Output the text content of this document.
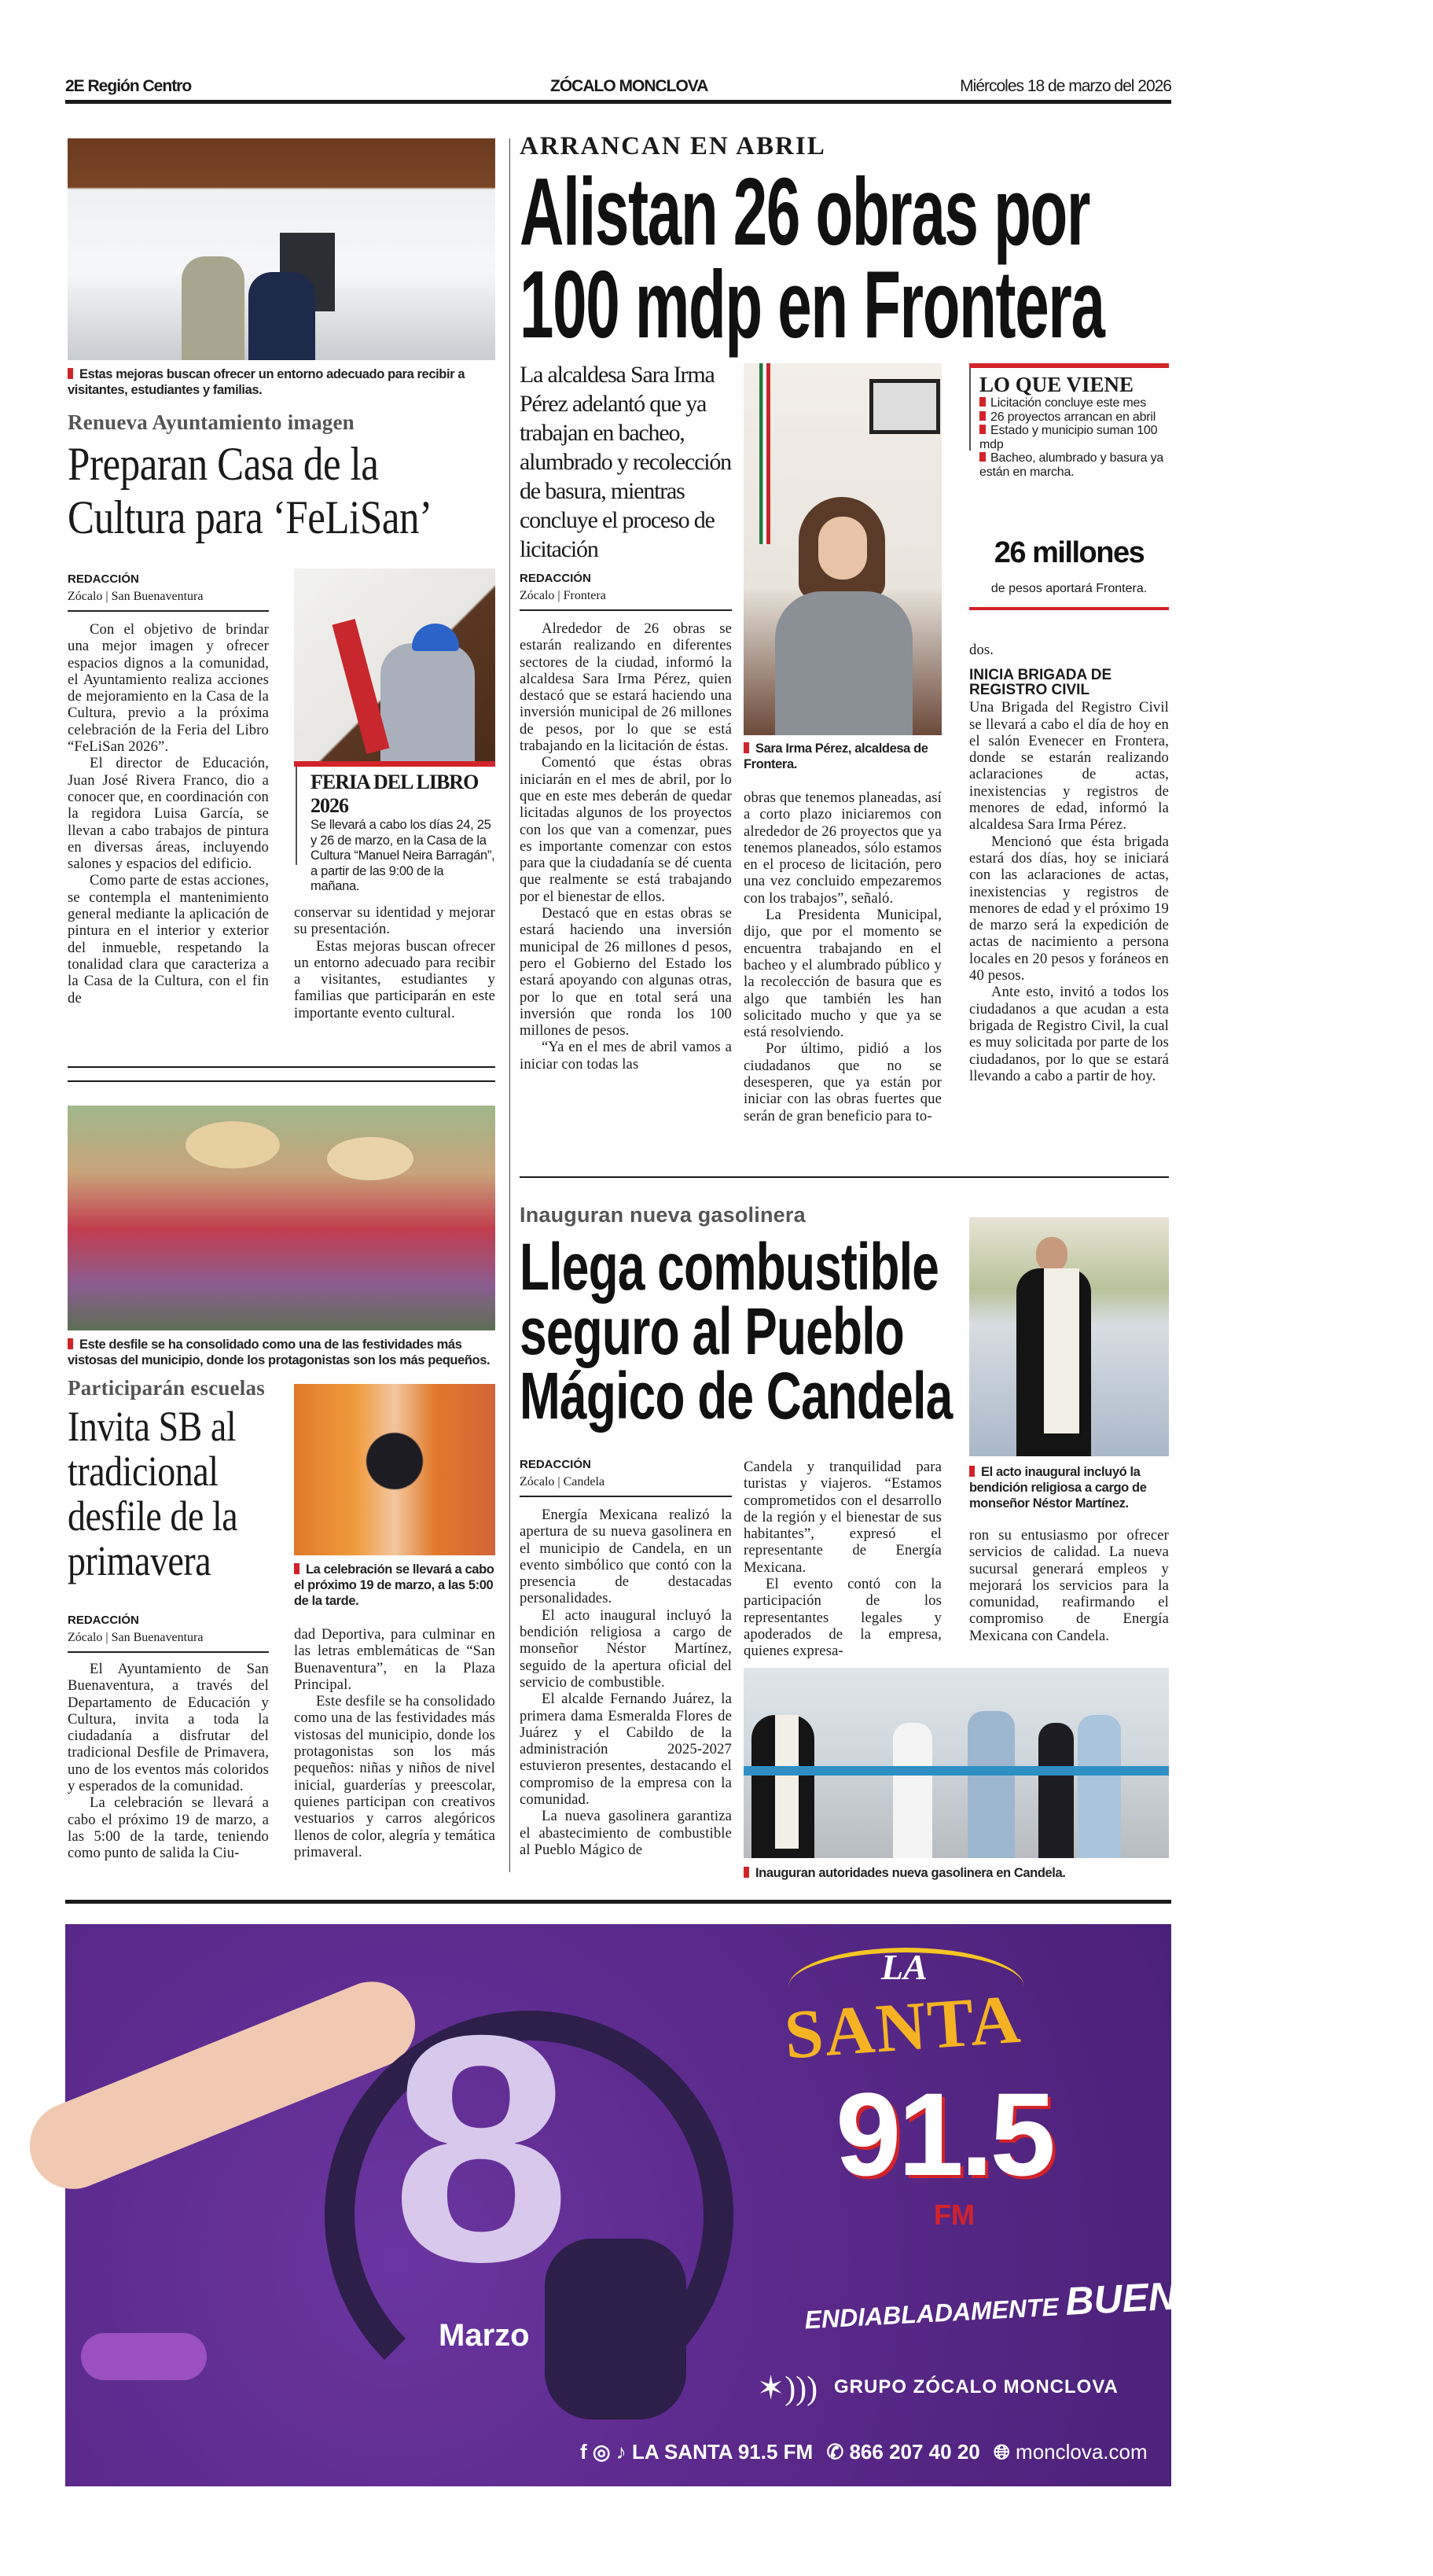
2E Región Centro	ZÓCALO MONCLOVA	Miércoles 18 de marzo del 2026
Estas mejoras buscan ofrecer un entorno adecuado para recibir a visitantes, estudiantes y familias.
Renueva Ayuntamiento imagen
Preparan Casa de la
Cultura para ‘FeLiSan’
REDACCIÓN
Zócalo | San Buenaventura

Con el objetivo de brindar una mejor imagen y ofrecer espacios dignos a la comunidad, el Ayuntamiento realiza acciones de mejoramiento en la Casa de la Cultura, previo a la próxima celebración de la Feria del Libro “FeLiSan 2026”.

El director de Educación, Juan José Rivera Franco, dio a conocer que, en coordinación con la regidora Luisa García, se llevan a cabo trabajos de pintura en diversas áreas, incluyendo salones y espacios del edificio.

Como parte de estas acciones, se contempla el mantenimiento general mediante la aplicación de pintura en el interior y exterior del inmueble, respetando la tonalidad clara que caracteriza a la Casa de la Cultura, con el fin de

FERIA DEL LIBRO 2026
Se llevará a cabo los días 24, 25 y 26 de marzo, en la Casa de la Cultura “Manuel Neira Barragán”, a partir de las 9:00 de la mañana.

conservar su identidad y mejorar su presentación.

Estas mejoras buscan ofrecer un entorno adecuado para recibir a visitantes, estudiantes y familias que participarán en este importante evento cultural.

Este desfile se ha consolidado como una de las festividades más vistosas del municipio, donde los protagonistas son los más pequeños.
Participarán escuelas
Invita SB al
tradicional
desfile de la
primavera	La celebración se llevará a cabo el próximo 19 de marzo, a las 5:00 de la tarde.
REDACCIÓN
Zócalo | San Buenaventura

El Ayuntamiento de San Buenaventura, a través del Departamento de Educación y Cultura, invita a toda la ciudadanía a disfrutar del tradicional Desfile de Primavera, uno de los eventos más coloridos y esperados de la comunidad.

La celebración se llevará a cabo el próximo 19 de marzo, a las 5:00 de la tarde, teniendo como punto de salida la Ciu-

dad Deportiva, para culminar en las letras emblemáticas de “San Buenaventura”, en la Plaza Principal.

Este desfile se ha consolidado como una de las festividades más vistosas del municipio, donde los protagonistas son los más pequeños: niñas y niños de nivel inicial, guarderías y preescolar, quienes participan con creativos vestuarios y carros alegóricos llenos de color, alegría y temática primaveral.

ARRANCAN EN ABRIL
Alistan 26 obras por
100 mdp en Frontera
La alcaldesa Sara Irma Pérez adelantó que ya trabajan en bacheo, alumbrado y recolección de basura, mientras concluye el proceso de licitación
REDACCIÓN
Zócalo | Frontera

Alrededor de 26 obras se estarán realizando en diferentes sectores de la ciudad, informó la alcaldesa Sara Irma Pérez, quien destacó que se estará haciendo una inversión municipal de 26 millones de pesos, por lo que se está trabajando en la licitación de éstas.

Comentó que éstas obras iniciarán en el mes de abril, por lo que en este mes deberán de quedar licitadas algunos de los proyectos con los que van a comenzar, pues es importante comenzar con estos para que la ciudadanía se dé cuenta que realmente se está trabajando por el bienestar de ellos.

Destacó que en estas obras se estará haciendo una inversión municipal de 26 millones d pesos, pero el Gobierno del Estado los estará apoyando con algunas otras, por lo que en total será una inversión que ronda los 100 millones de pesos.

“Ya en el mes de abril vamos a iniciar con todas las

Sara Irma Pérez, alcaldesa de Frontera.

obras que tenemos planeadas, así a corto plazo iniciaremos con alrededor de 26 proyectos que ya tenemos planeados, sólo estamos en el proceso de licitación, pero una vez concluido empezaremos con los trabajos”, señaló.

La Presidenta Municipal, dijo, que por el momento se encuentra trabajando en el bacheo y el alumbrado público y la recolección de basura que es algo que también les han solicitado mucho y que ya se está resolviendo.

Por último, pidió a los ciudadanos que no se desesperen, que ya están por iniciar con las obras fuertes que serán de gran beneficio para to-

LO QUE VIENE
Licitación concluye este mes
26 proyectos arrancan en abril
Estado y municipio suman 100 mdp
Bacheo, alumbrado y basura ya están en marcha.
26 millones
de pesos aportará Frontera.

dos.

INICIA BRIGADA DE REGISTRO CIVIL

Una Brigada del Registro Civil se llevará a cabo el día de hoy en el salón Evenecer en Frontera, donde se estarán realizando aclaraciones de actas, inexistencias y registros de menores de edad, informó la alcaldesa Sara Irma Pérez.

Mencionó que ésta brigada estará dos días, hoy se iniciará con las aclaraciones de actas, inexistencias y registros de menores de edad y el próximo 19 de marzo será la expedición de actas de nacimiento a persona locales en 20 pesos y foráneos en 40 pesos.

Ante esto, invitó a todos los ciudadanos a que acudan a esta brigada de Registro Civil, la cual es muy solicitada por parte de los ciudadanos, por lo que se estará llevando a cabo a partir de hoy.

Inauguran nueva gasolinera
Llega combustible
seguro al Pueblo
Mágico de Candela
REDACCIÓN
Zócalo | Candela

Energía Mexicana realizó la apertura de su nueva gasolinera en el municipio de Candela, en un evento simbólico que contó con la presencia de destacadas personalidades.

El acto inaugural incluyó la bendición religiosa a cargo de monseñor Néstor Martínez, seguido de la apertura oficial del servicio de combustible.

El alcalde Fernando Juárez, la primera dama Esmeralda Flores de Juárez y el Cabildo de la administración 2025-2027 estuvieron presentes, destacando el compromiso de la empresa con la comunidad.

La nueva gasolinera garantiza el abastecimiento de combustible al Pueblo Mágico de

Candela y tranquilidad para turistas y viajeros. “Estamos comprometidos con el desarrollo de la región y el bienestar de sus habitantes”, expresó el representante de Energía Mexicana.

El evento contó con la participación de los representantes legales y apoderados de la empresa, quienes expresa-

El acto inaugural incluyó la bendición religiosa a cargo de monseñor Néstor Martínez.

ron su entusiasmo por ofrecer servicios de calidad. La nueva sucursal generará empleos y mejorará los servicios para la comunidad, reafirmando el compromiso de Energía Mexicana con Candela.

Inauguran autoridades nueva gasolinera en Candela.
8
Marzo
LA
SANTA
91.5
FM
ENDIABLADAMENTE BUENA
✶))) GRUPO ZÓCALO MONCLOVA
f ◎ ♪ LA SANTA 91.5 FM ✆ 866 207 40 20 🌐︎ monclova.com
